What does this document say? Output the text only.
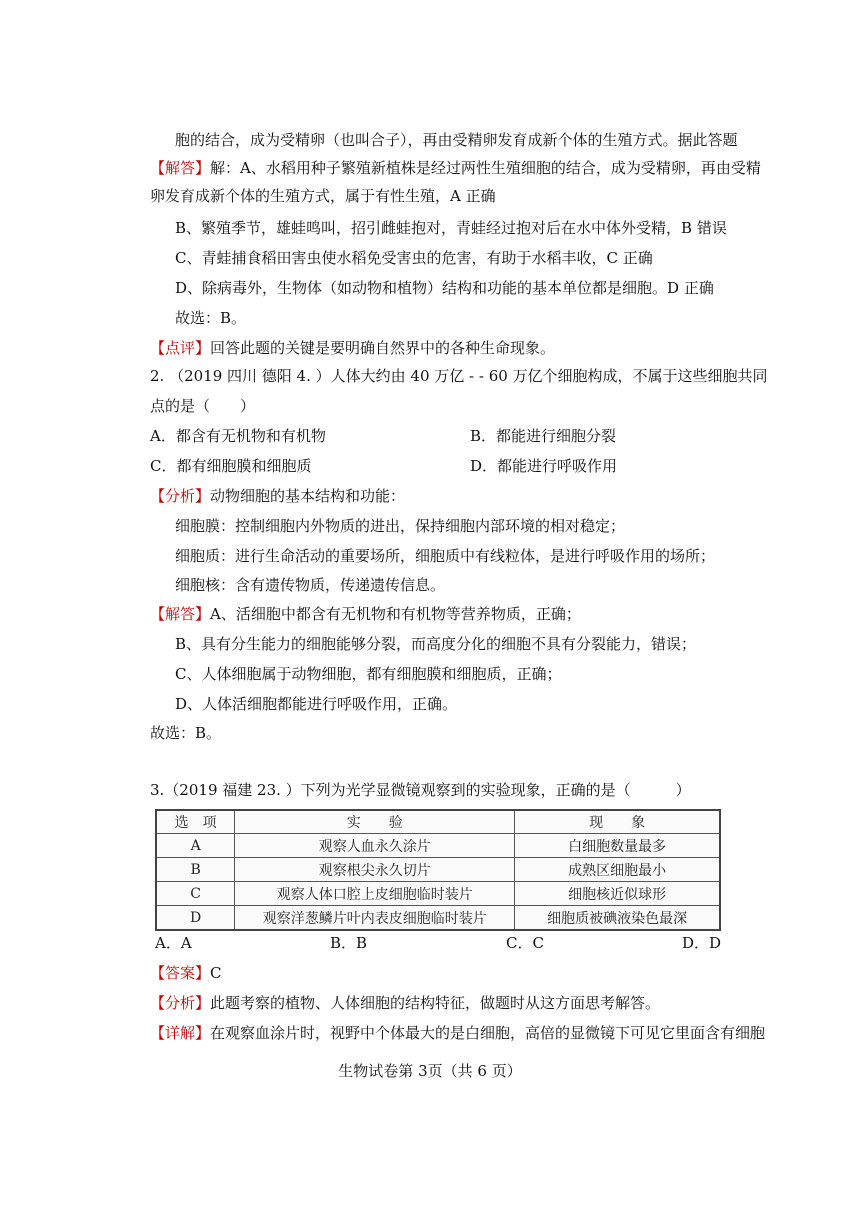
胞的结合，成为受精卵（也叫合子），再由受精卵发育成新个体的生殖方式。据此答题
【解答】解：A、水稻用种子繁殖新植株是经过两性生殖细胞的结合，成为受精卵，再由受精
卵发育成新个体的生殖方式，属于有性生殖，A 正确
B、繁殖季节，雄蛙鸣叫，招引雌蛙抱对，青蛙经过抱对后在水中体外受精，B 错误
C、青蛙捕食稻田害虫使水稻免受害虫的危害，有助于水稻丰收，C 正确
D、除病毒外，生物体（如动物和植物）结构和功能的基本单位都是细胞。D 正确
故选：B。
【点评】回答此题的关键是要明确自然界中的各种生命现象。
2. （2019 四川 德阳 4. ）人体大约由 40 万亿 - - 60 万亿个细胞构成，不属于这些细胞共同
点的是（　　）
A．都含有无机物和有机物	B．都能进行细胞分裂
C．都有细胞膜和细胞质	D．都能进行呼吸作用
【分析】动物细胞的基本结构和功能：
细胞膜：控制细胞内外物质的进出，保持细胞内部环境的相对稳定；
细胞质：进行生命活动的重要场所，细胞质中有线粒体，是进行呼吸作用的场所；
细胞核：含有遗传物质，传递遗传信息。
【解答】A、活细胞中都含有无机物和有机物等营养物质，正确；
B、具有分生能力的细胞能够分裂，而高度分化的细胞不具有分裂能力，错误；
C、人体细胞属于动物细胞，都有细胞膜和细胞质，正确；
D、人体活细胞都能进行呼吸作用，正确。
故选：B。
3.（2019 福建 23. ）下列为光学显微镜观察到的实验现象，正确的是（　　　）
选　项	实　　验	现　　象
A	观察人血永久涂片	白细胞数量最多
B	观察根尖永久切片	成熟区细胞最小
C	观察人体口腔上皮细胞临时装片	细胞核近似球形
D	观察洋葱鳞片叶内表皮细胞临时装片	细胞质被碘液染色最深
A．A	B．B	C．C	D．D
【答案】C
【分析】此题考察的植物、人体细胞的结构特征，做题时从这方面思考解答。
【详解】在观察血涂片时，视野中个体最大的是白细胞，高倍的显微镜下可见它里面含有细胞
生物试卷第 3页（共 6 页）
